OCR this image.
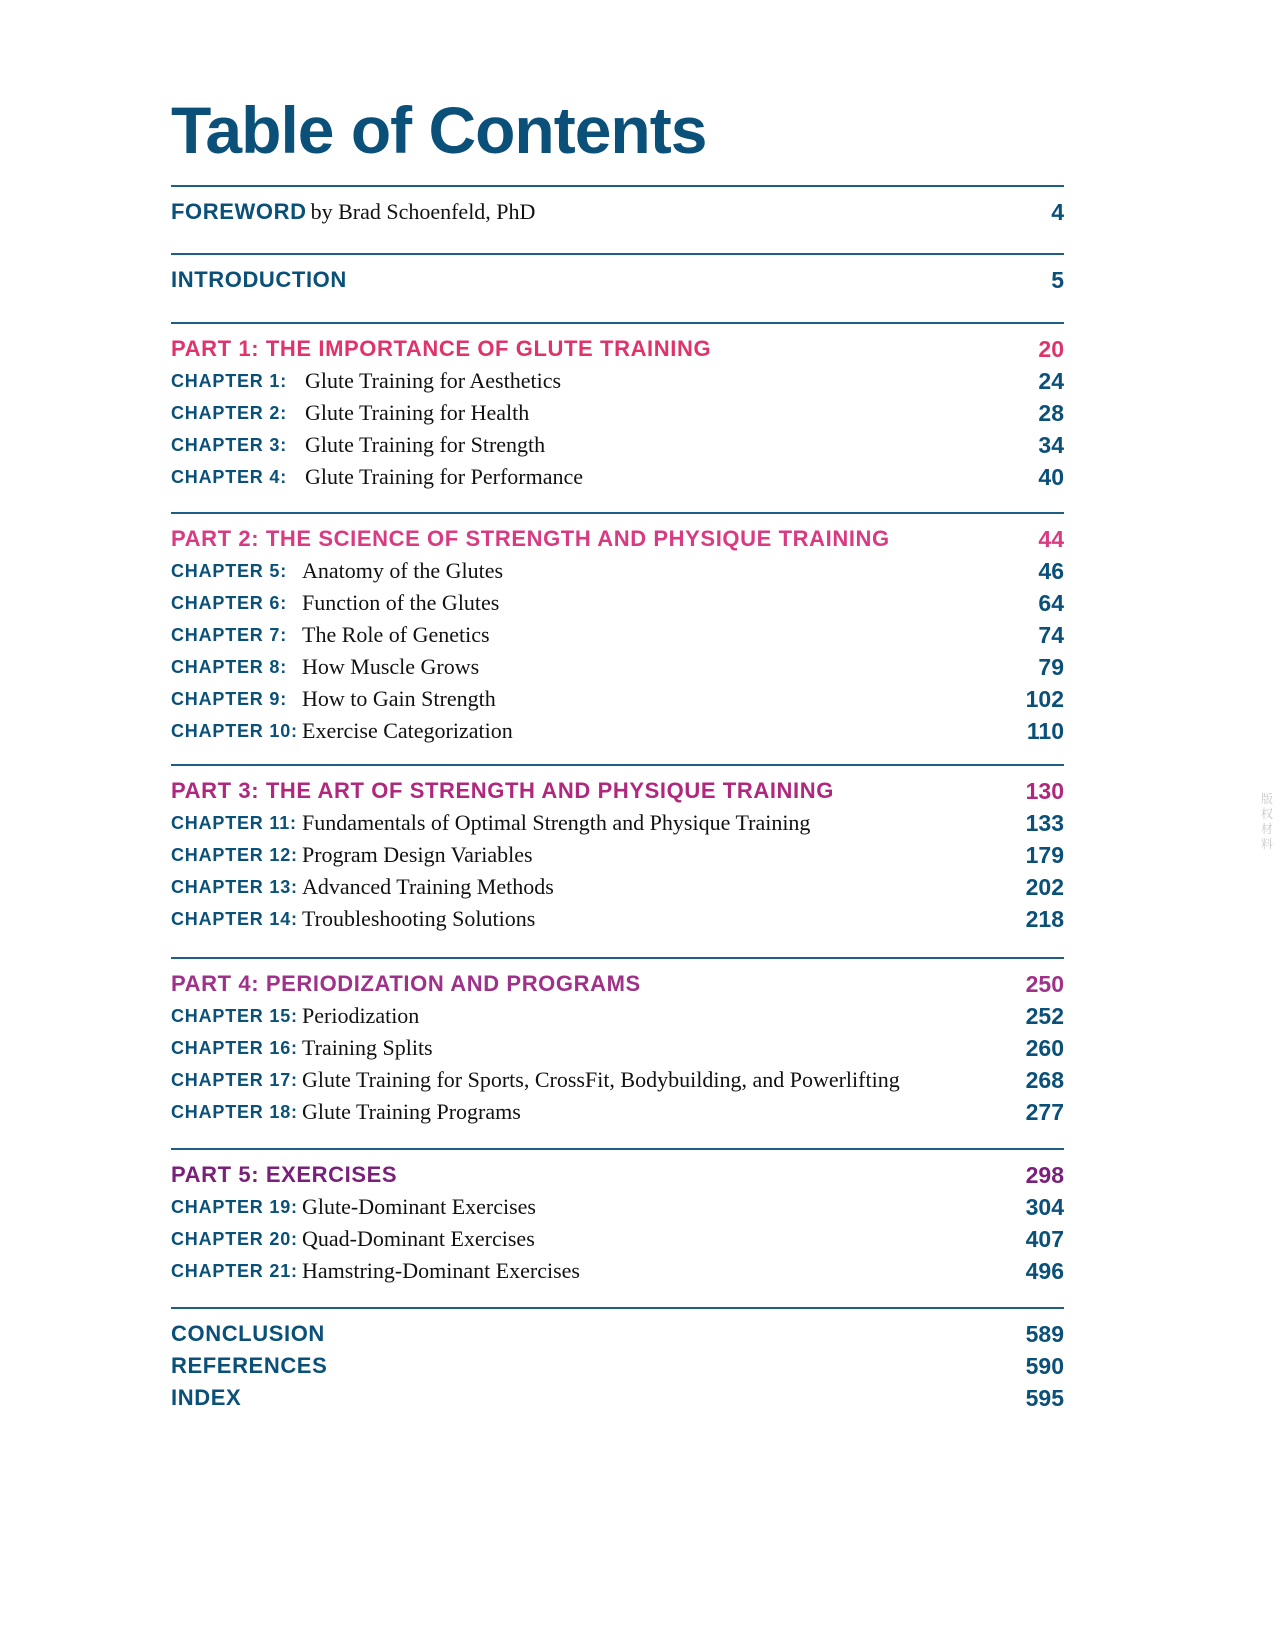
Table of Contents
FOREWORD by Brad Schoenfeld, PhD	4
INTRODUCTION	5
PART 1: THE IMPORTANCE OF GLUTE TRAINING	20
CHAPTER 1: Glute Training for Aesthetics	24
CHAPTER 2: Glute Training for Health	28
CHAPTER 3: Glute Training for Strength	34
CHAPTER 4: Glute Training for Performance	40
PART 2: THE SCIENCE OF STRENGTH AND PHYSIQUE TRAINING	44
CHAPTER 5: Anatomy of the Glutes	46
CHAPTER 6: Function of the Glutes	64
CHAPTER 7: The Role of Genetics	74
CHAPTER 8: How Muscle Grows	79
CHAPTER 9: How to Gain Strength	102
CHAPTER 10: Exercise Categorization	110
PART 3: THE ART OF STRENGTH AND PHYSIQUE TRAINING	130
CHAPTER 11: Fundamentals of Optimal Strength and Physique Training	133
CHAPTER 12: Program Design Variables	179
CHAPTER 13: Advanced Training Methods	202
CHAPTER 14: Troubleshooting Solutions	218
PART 4: PERIODIZATION AND PROGRAMS	250
CHAPTER 15: Periodization	252
CHAPTER 16: Training Splits	260
CHAPTER 17: Glute Training for Sports, CrossFit, Bodybuilding, and Powerlifting	268
CHAPTER 18: Glute Training Programs	277
PART 5: EXERCISES	298
CHAPTER 19: Glute-Dominant Exercises	304
CHAPTER 20: Quad-Dominant Exercises	407
CHAPTER 21: Hamstring-Dominant Exercises	496
CONCLUSION	589
REFERENCES	590
INDEX	595
版权材料
